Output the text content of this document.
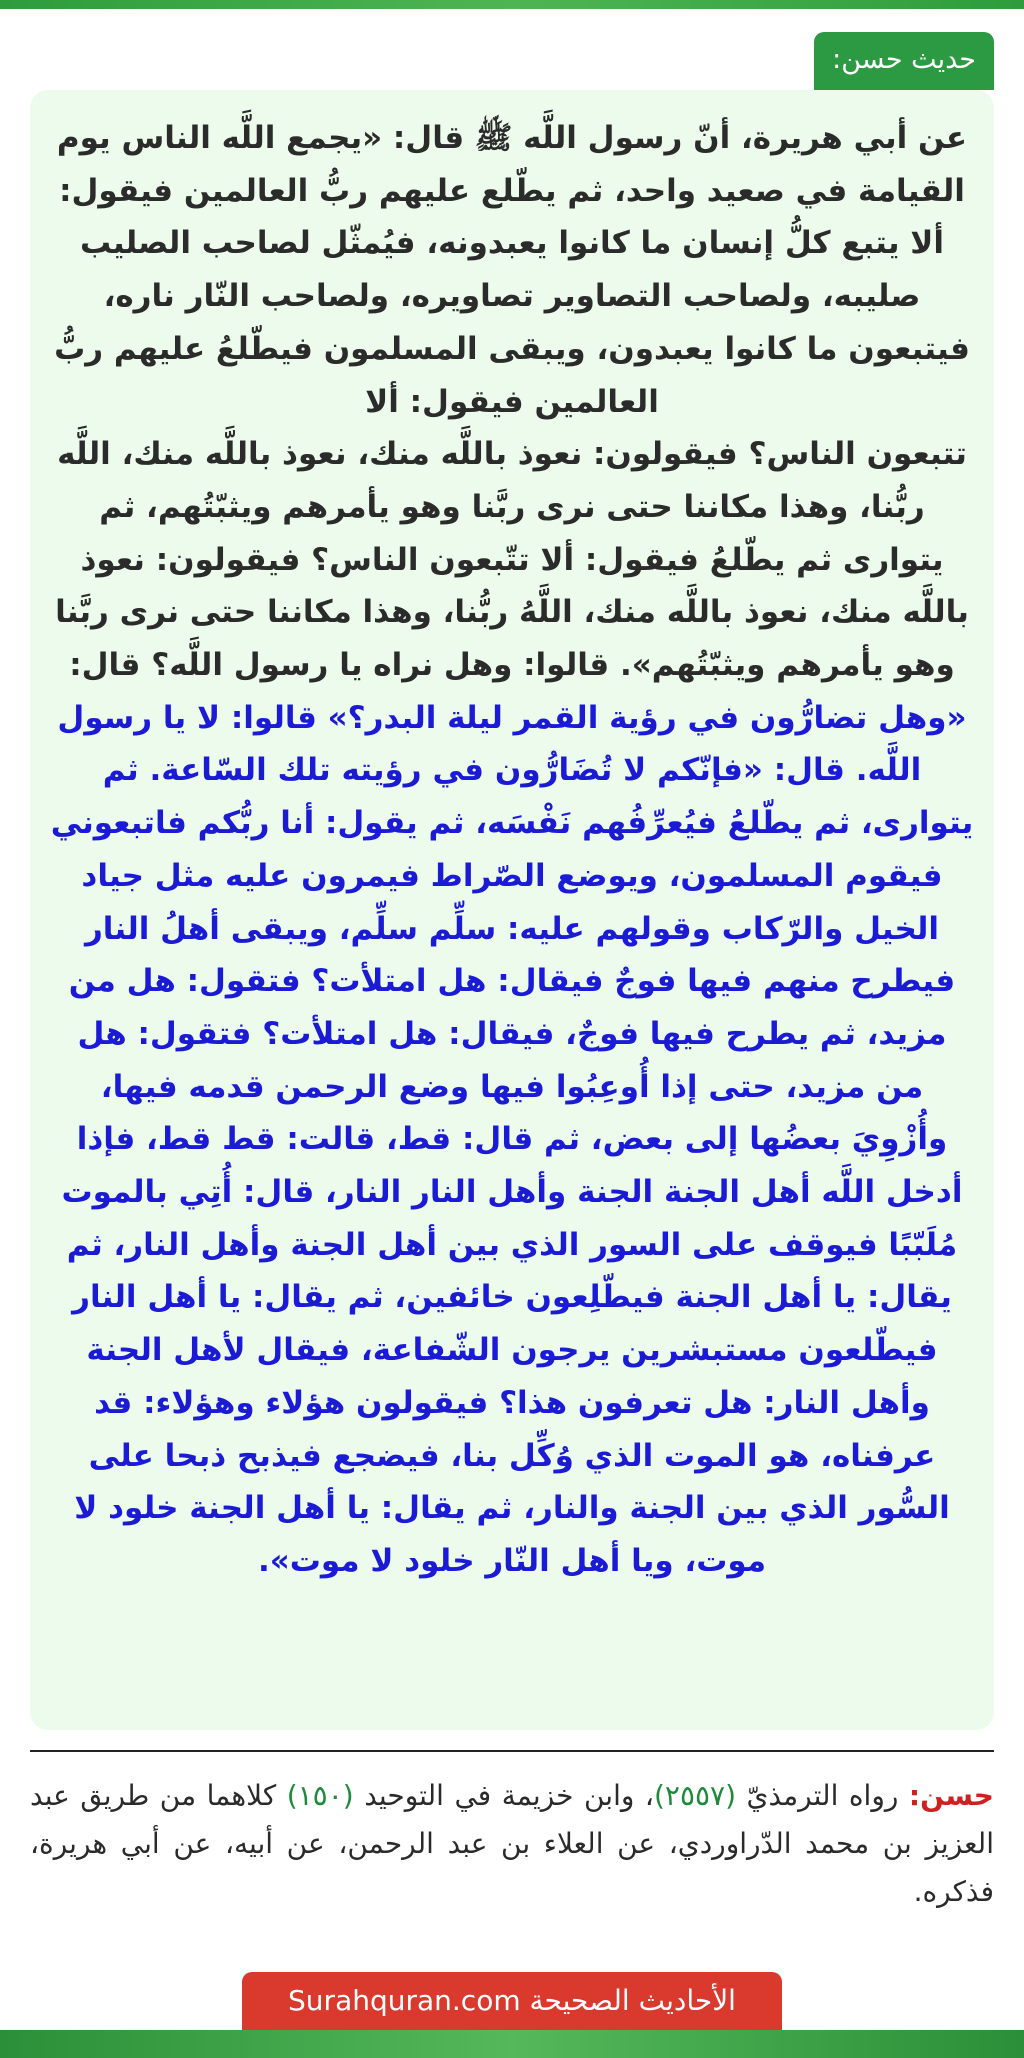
حديث حسن:

عن أبي هريرة، أنّ رسول اللَّه ﷺ قال: «يجمع اللَّه الناس يوم القيامة في صعيد واحد، ثم يطّلع عليهم ربُّ العالمين فيقول: ألا يتبع كلُّ إنسان ما كانوا يعبدونه، فيُمثّل لصاحب الصليب صليبه، ولصاحب التصاوير تصاويره، ولصاحب النّار ناره، فيتبعون ما كانوا يعبدون، ويبقى المسلمون فيطّلعُ عليهم ربُّ العالمين فيقول: ألا
تتبعون الناس؟ فيقولون: نعوذ باللَّه منك، نعوذ باللَّه منك، اللَّه ربُّنا، وهذا مكاننا حتى نرى ربَّنا وهو يأمرهم ويثبّتُهم، ثم يتوارى ثم يطّلعُ فيقول: ألا تتّبعون الناس؟ فيقولون: نعوذ باللَّه منك، نعوذ باللَّه منك، اللَّهُ ربُّنا، وهذا مكاننا حتى نرى ربَّنا وهو يأمرهم ويثبّتُهم». قالوا: وهل نراه يا رسول اللَّه؟ قال: «وهل تضارُّون في رؤية القمر ليلة البدر؟» قالوا: لا يا رسول اللَّه. قال: «فإنّكم لا تُضَارُّون في رؤيته تلك السّاعة. ثم يتوارى، ثم يطّلعُ فيُعرِّفُهم نَفْسَه، ثم يقول: أنا ربُّكم فاتبعوني فيقوم المسلمون، ويوضع الصّراط فيمرون عليه مثل جياد الخيل والرّكاب وقولهم عليه: سلِّم سلِّم، ويبقى أهلُ النار فيطرح منهم فيها فوجٌ فيقال: هل امتلأت؟ فتقول: هل من مزيد، ثم يطرح فيها فوجٌ، فيقال: هل امتلأت؟ فتقول: هل من مزيد، حتى إذا أُوعِبُوا فيها وضع الرحمن قدمه فيها، وأُزْوِيَ بعضُها إلى بعض، ثم قال: قط، قالت: قط قط، فإذا أدخل اللَّه أهل الجنة الجنة وأهل النار النار، قال: أُتِي بالموت مُلَبّبًا فيوقف على السور الذي بين أهل الجنة وأهل النار، ثم يقال: يا أهل الجنة فيطّلِعون خائفين، ثم يقال: يا أهل النار فيطّلعون مستبشرين يرجون الشّفاعة، فيقال لأهل الجنة وأهل النار: هل تعرفون هذا؟ فيقولون هؤلاء وهؤلاء: قد عرفناه، هو الموت الذي وُكِّل بنا، فيضجع فيذبح ذبحا على السُّور الذي بين الجنة والنار، ثم يقال: يا أهل الجنة خلود لا موت، ويا أهل النّار خلود لا موت».

حسن: رواه الترمذيّ (٢٥٥٧)، وابن خزيمة في التوحيد (١٥٠) كلاهما من طريق عبد العزيز بن محمد الدّراوردي، عن العلاء بن عبد الرحمن، عن أبيه، عن أبي هريرة، فذكره.

الأحاديث الصحيحة Surahquran.com
